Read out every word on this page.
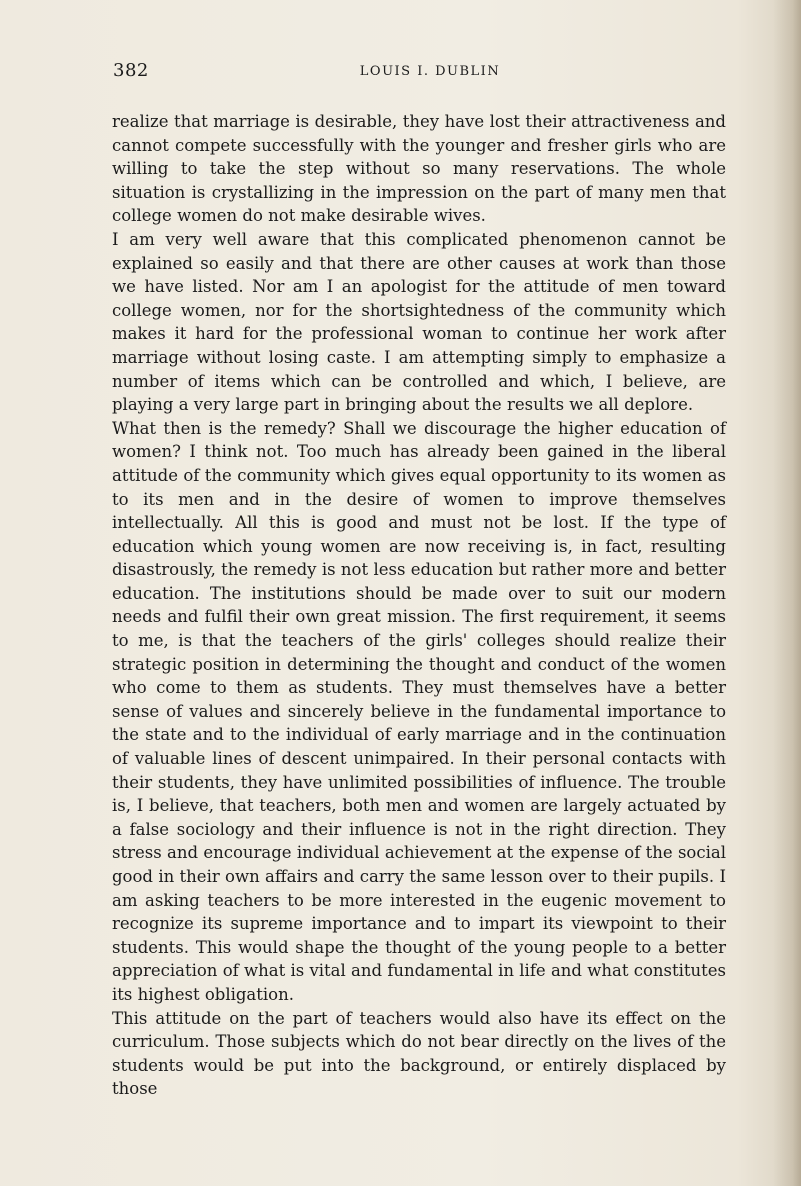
382	LOUIS I. DUBLIN

realize that marriage is desirable, they have lost their attractiveness and cannot compete successfully with the younger and fresher girls who are willing to take the step without so many reservations. The whole situation is crystallizing in the impression on the part of many men that college women do not make desirable wives.

I am very well aware that this complicated phenomenon cannot be explained so easily and that there are other causes at work than those we have listed. Nor am I an apologist for the attitude of men toward college women, nor for the shortsightedness of the community which makes it hard for the professional woman to continue her work after marriage without losing caste. I am attempting simply to emphasize a number of items which can be controlled and which, I believe, are playing a very large part in bringing about the results we all deplore.

What then is the remedy? Shall we discourage the higher education of women? I think not. Too much has already been gained in the liberal attitude of the community which gives equal opportunity to its women as to its men and in the desire of women to improve themselves intellectually. All this is good and must not be lost. If the type of education which young women are now receiving is, in fact, resulting disastrously, the remedy is not less education but rather more and better education. The institutions should be made over to suit our modern needs and fulfil their own great mission. The first requirement, it seems to me, is that the teachers of the girls' colleges should realize their strategic position in determining the thought and conduct of the women who come to them as students. They must themselves have a better sense of values and sincerely believe in the fundamental importance to the state and to the individual of early marriage and in the continuation of valuable lines of descent unimpaired. In their personal contacts with their students, they have unlimited possibilities of influence. The trouble is, I believe, that teachers, both men and women are largely actuated by a false sociology and their influence is not in the right direction. They stress and encourage individual achievement at the expense of the social good in their own affairs and carry the same lesson over to their pupils. I am asking teachers to be more interested in the eugenic movement to recognize its supreme importance and to impart its viewpoint to their students. This would shape the thought of the young people to a better appreciation of what is vital and fundamental in life and what constitutes its highest obligation.

This attitude on the part of teachers would also have its effect on the curriculum. Those subjects which do not bear directly on the lives of the students would be put into the background, or entirely displaced by those
